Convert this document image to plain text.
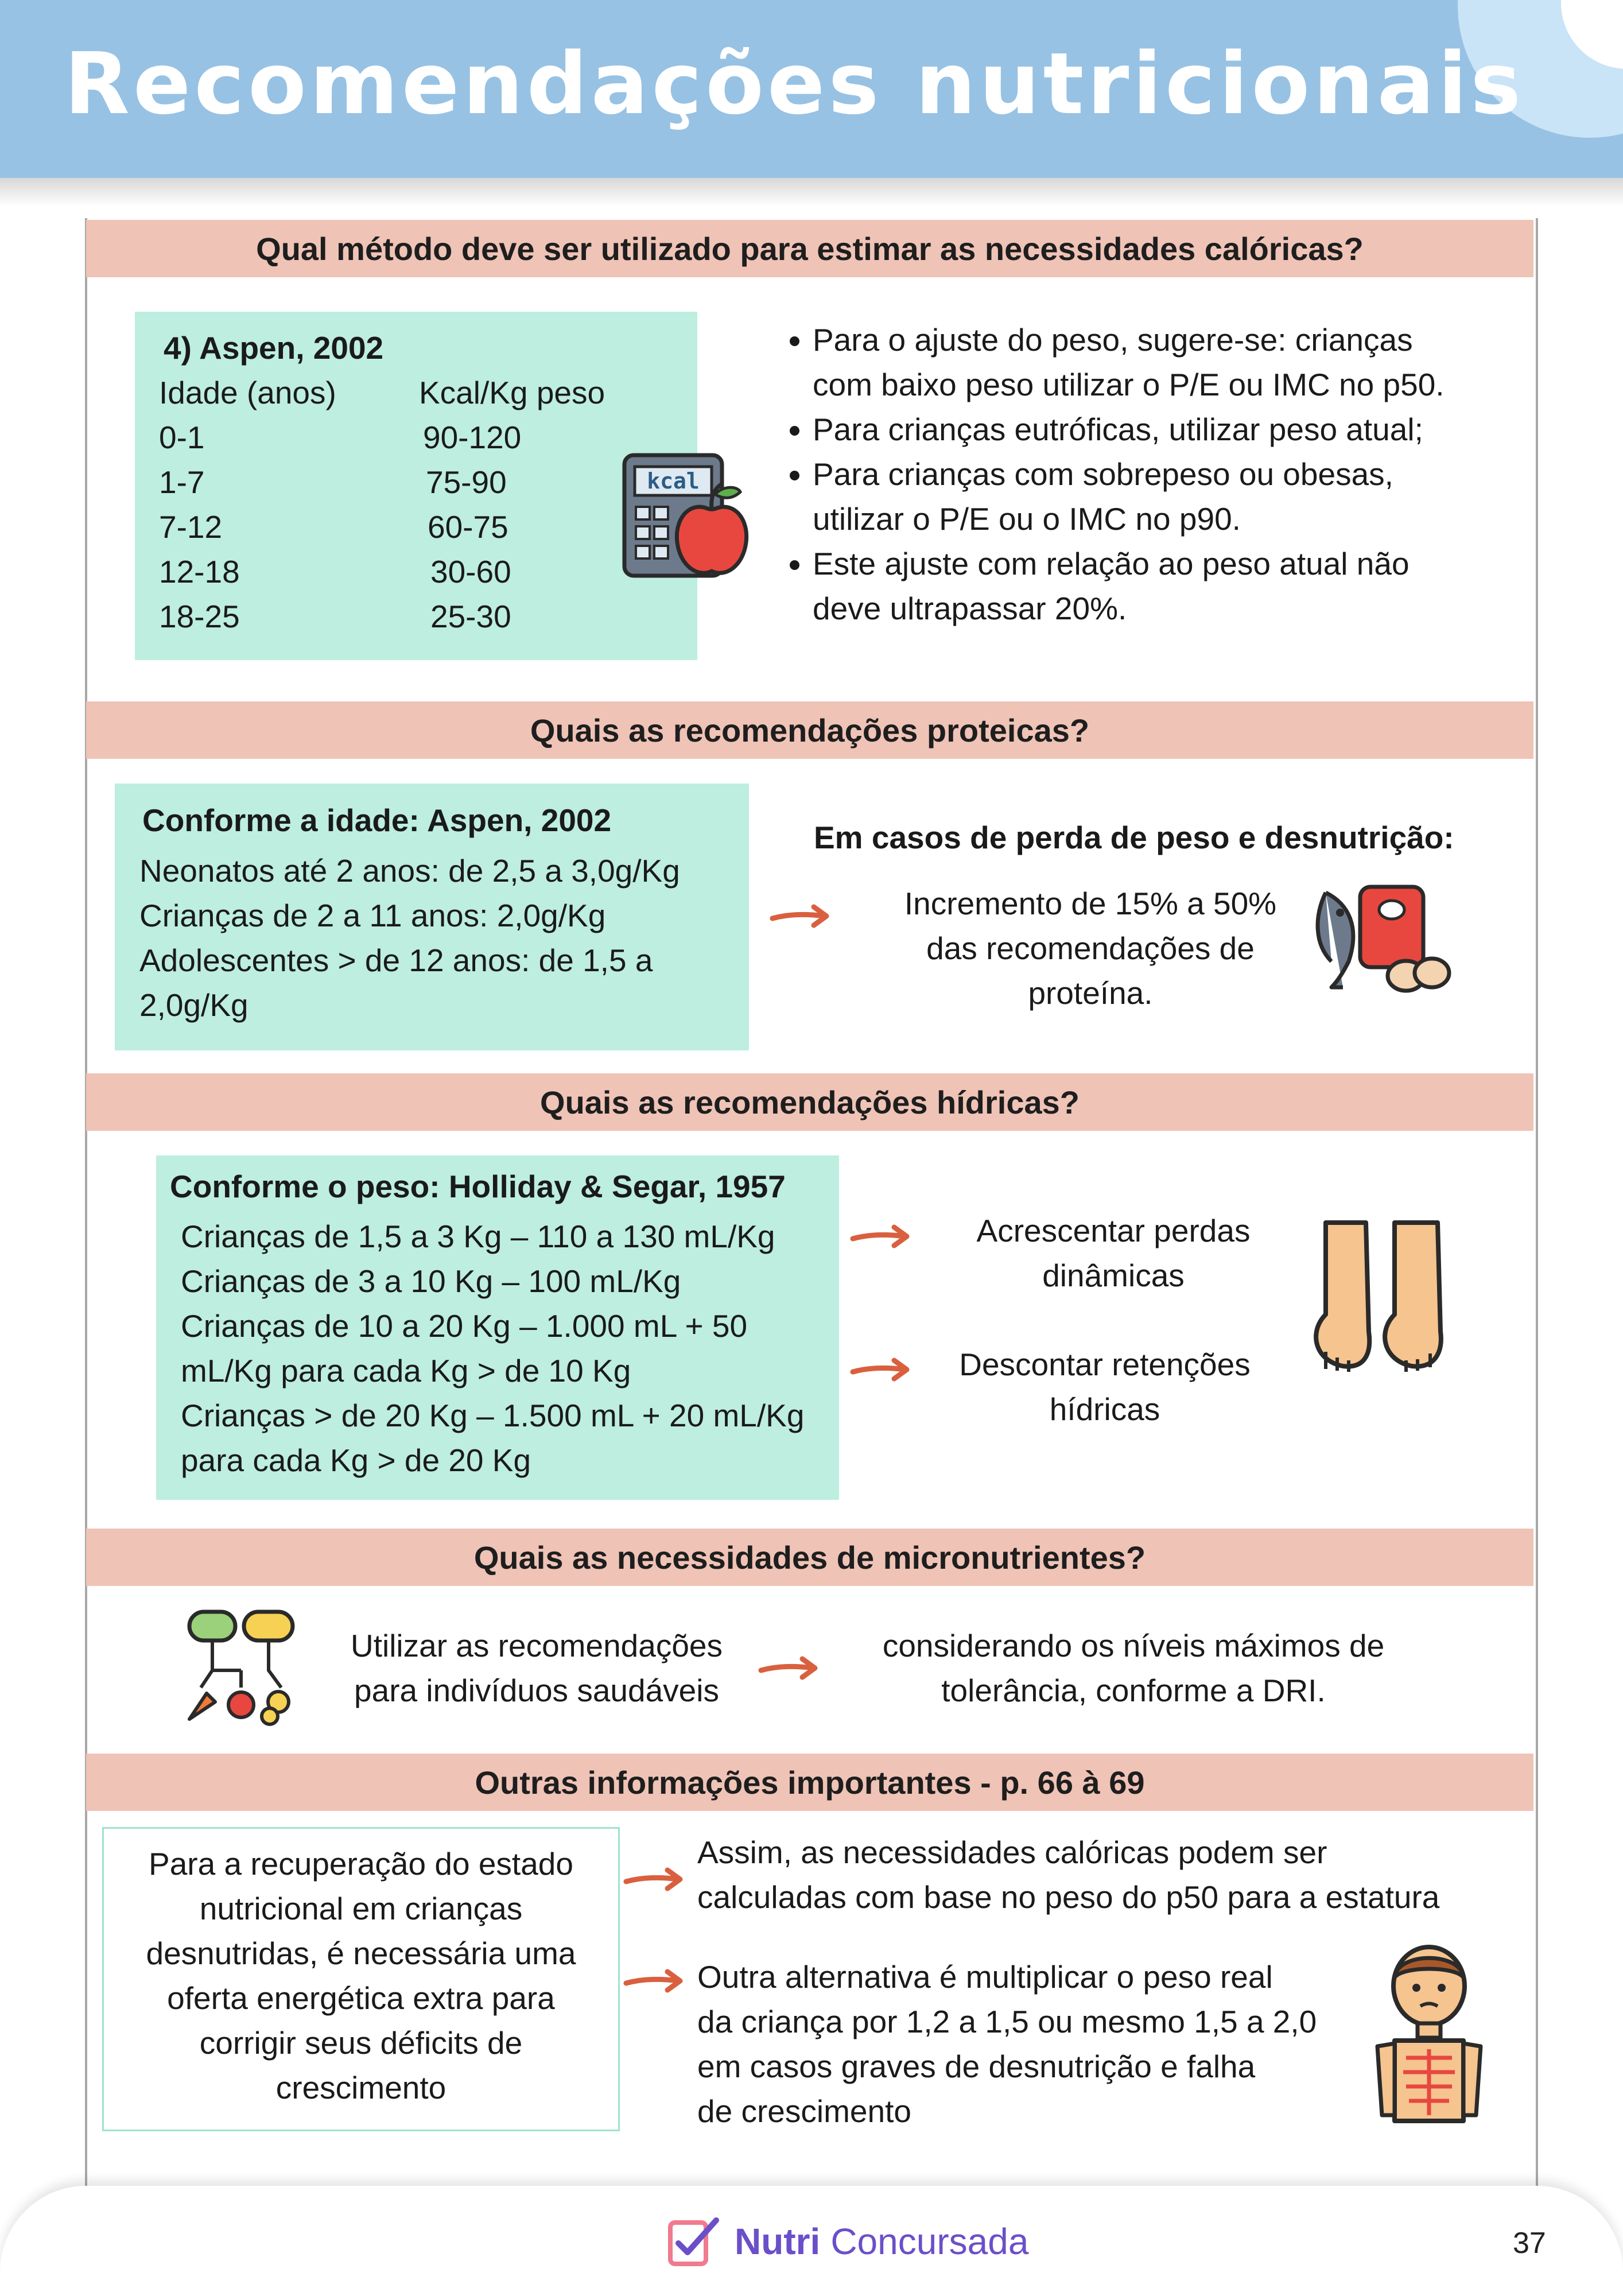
Recomendações nutricionais
Qual método deve ser utilizado para estimar as necessidades calóricas?
4) Aspen, 2002
Idade (anos)	Kcal/Kg peso
0-1	90-120
1-7	75-90
7-12	60-75
12-18	30-60
18-25	25-30
kcal
• Para o ajuste do peso, sugere-se: crianças
com baixo peso utilizar o P/E ou IMC no p50.
• Para crianças eutróficas, utilizar peso atual;
• Para crianças com sobrepeso ou obesas,
utilizar o P/E ou o IMC no p90.
• Este ajuste com relação ao peso atual não
deve ultrapassar 20%.
Quais as recomendações proteicas?
Conforme a idade: Aspen, 2002
Neonatos até 2 anos: de 2,5 a 3,0g/Kg
Crianças de 2 a 11 anos: 2,0g/Kg
Adolescentes > de 12 anos: de 1,5 a
2,0g/Kg
Em casos de perda de peso e desnutrição:
Incremento de 15% a 50%
das recomendações de
proteína.
Quais as recomendações hídricas?
Conforme o peso: Holliday & Segar, 1957
Crianças de 1,5 a 3 Kg – 110 a 130 mL/Kg
Crianças de 3 a 10 Kg – 100 mL/Kg
Crianças de 10 a 20 Kg – 1.000 mL + 50
mL/Kg para cada Kg > de 10 Kg
Crianças > de 20 Kg – 1.500 mL + 20 mL/Kg
para cada Kg > de 20 Kg
Acrescentar perdas
dinâmicas
Descontar retenções
hídricas
Quais as necessidades de micronutrientes?
Utilizar as recomendações
para indivíduos saudáveis
considerando os níveis máximos de
tolerância, conforme a DRI.
Outras informações importantes - p. 66 à 69
Para a recuperação do estado
nutricional em crianças
desnutridas, é necessária uma
oferta energética extra para
corrigir seus déficits de
crescimento
Assim, as necessidades calóricas podem ser
calculadas com base no peso do p50 para a estatura
Outra alternativa é multiplicar o peso real
da criança por 1,2 a 1,5 ou mesmo 1,5 a 2,0
em casos graves de desnutrição e falha
de crescimento
Nutri Concursada	37
